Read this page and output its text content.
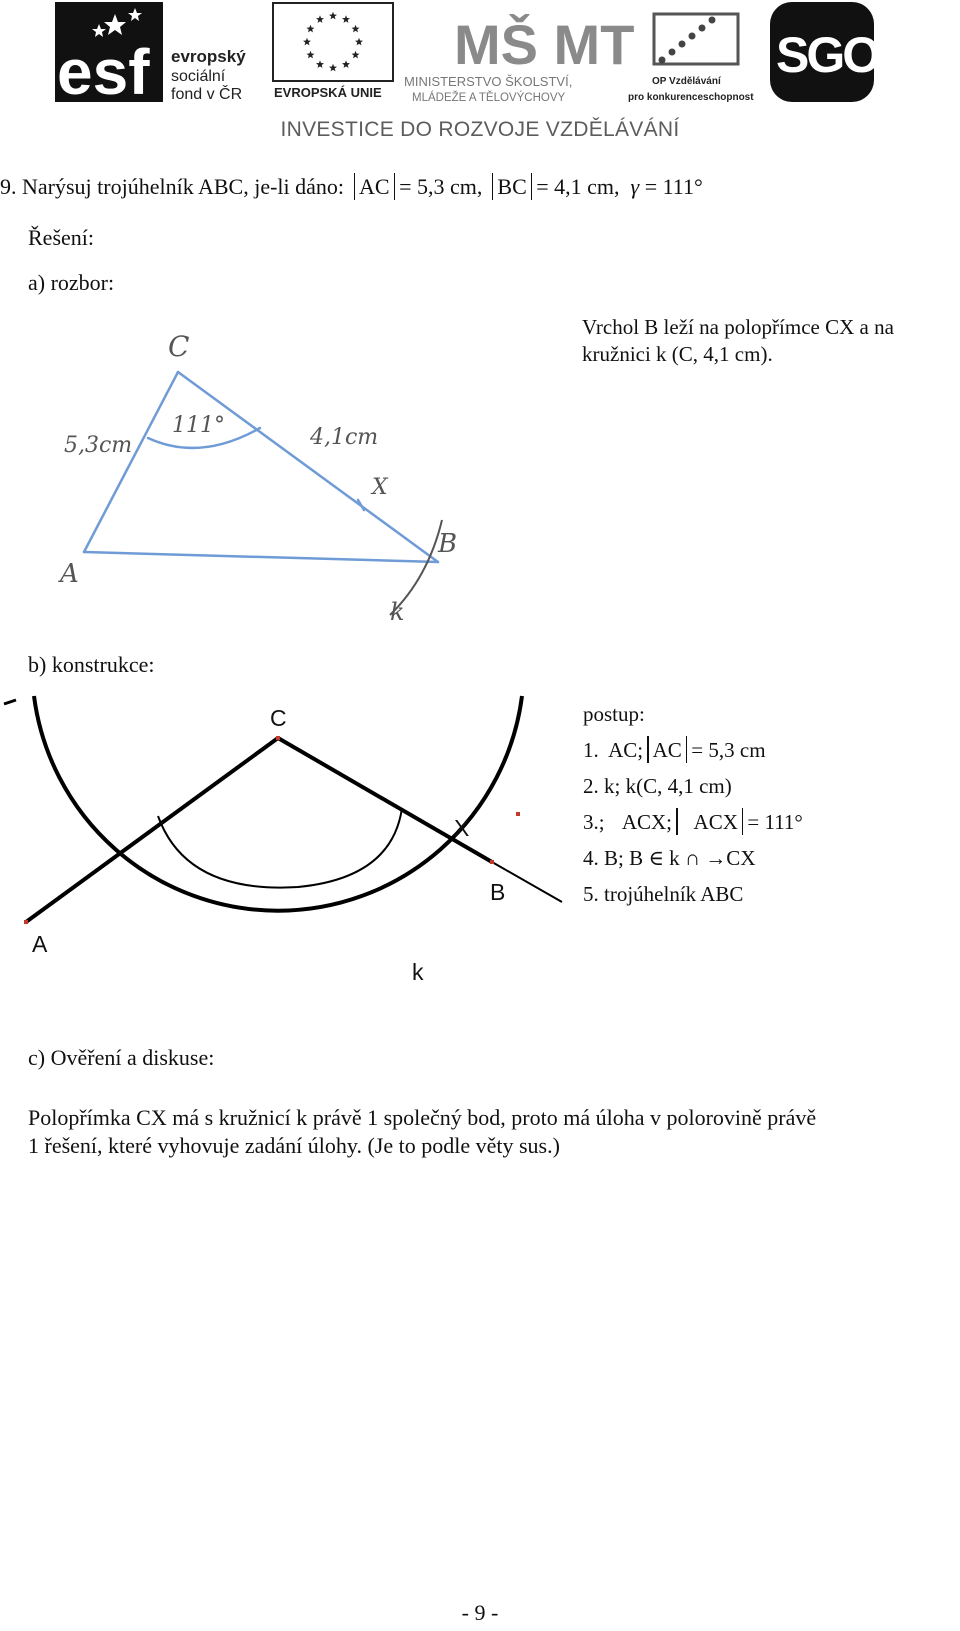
esf evropský
sociální
fond v ČR EVROPSKÁ UNIE
MŠ MT
MINISTERSTVO ŠKOLSTVÍ,
MLÁDEŽE A TĚLOVÝCHOVY
OP Vzdělávání
pro konkurenceschopnost
SGO
INVESTICE DO ROZVOJE VZDĚLÁVÁNÍ
9. Narýsuj trojúhelník ABC, je-li dáno: AC = 5,3 cm, BC = 4,1 cm, γ = 111°
Řešení:
a) rozbor:
Vrchol B leží na polopřímce CX a na
kružnici k (C, 4,1 cm).
C
A
B
X
k
5,3cm	4,1cm
111°
b) konstrukce:
C
A
B
X
k
postup:
1. AC; AC = 5,3 cm
2. k; k(C, 4,1 cm)
3.; ACX; ACX = 111°
4. B; B ∈ k ∩ →CX
5. trojúhelník ABC
c) Ověření a diskuse:
Polopřímka CX má s kružnicí k právě 1 společný bod, proto má úloha v polorovině právě
1 řešení, které vyhovuje zadání úlohy. (Je to podle věty sus.)
- 9 -
